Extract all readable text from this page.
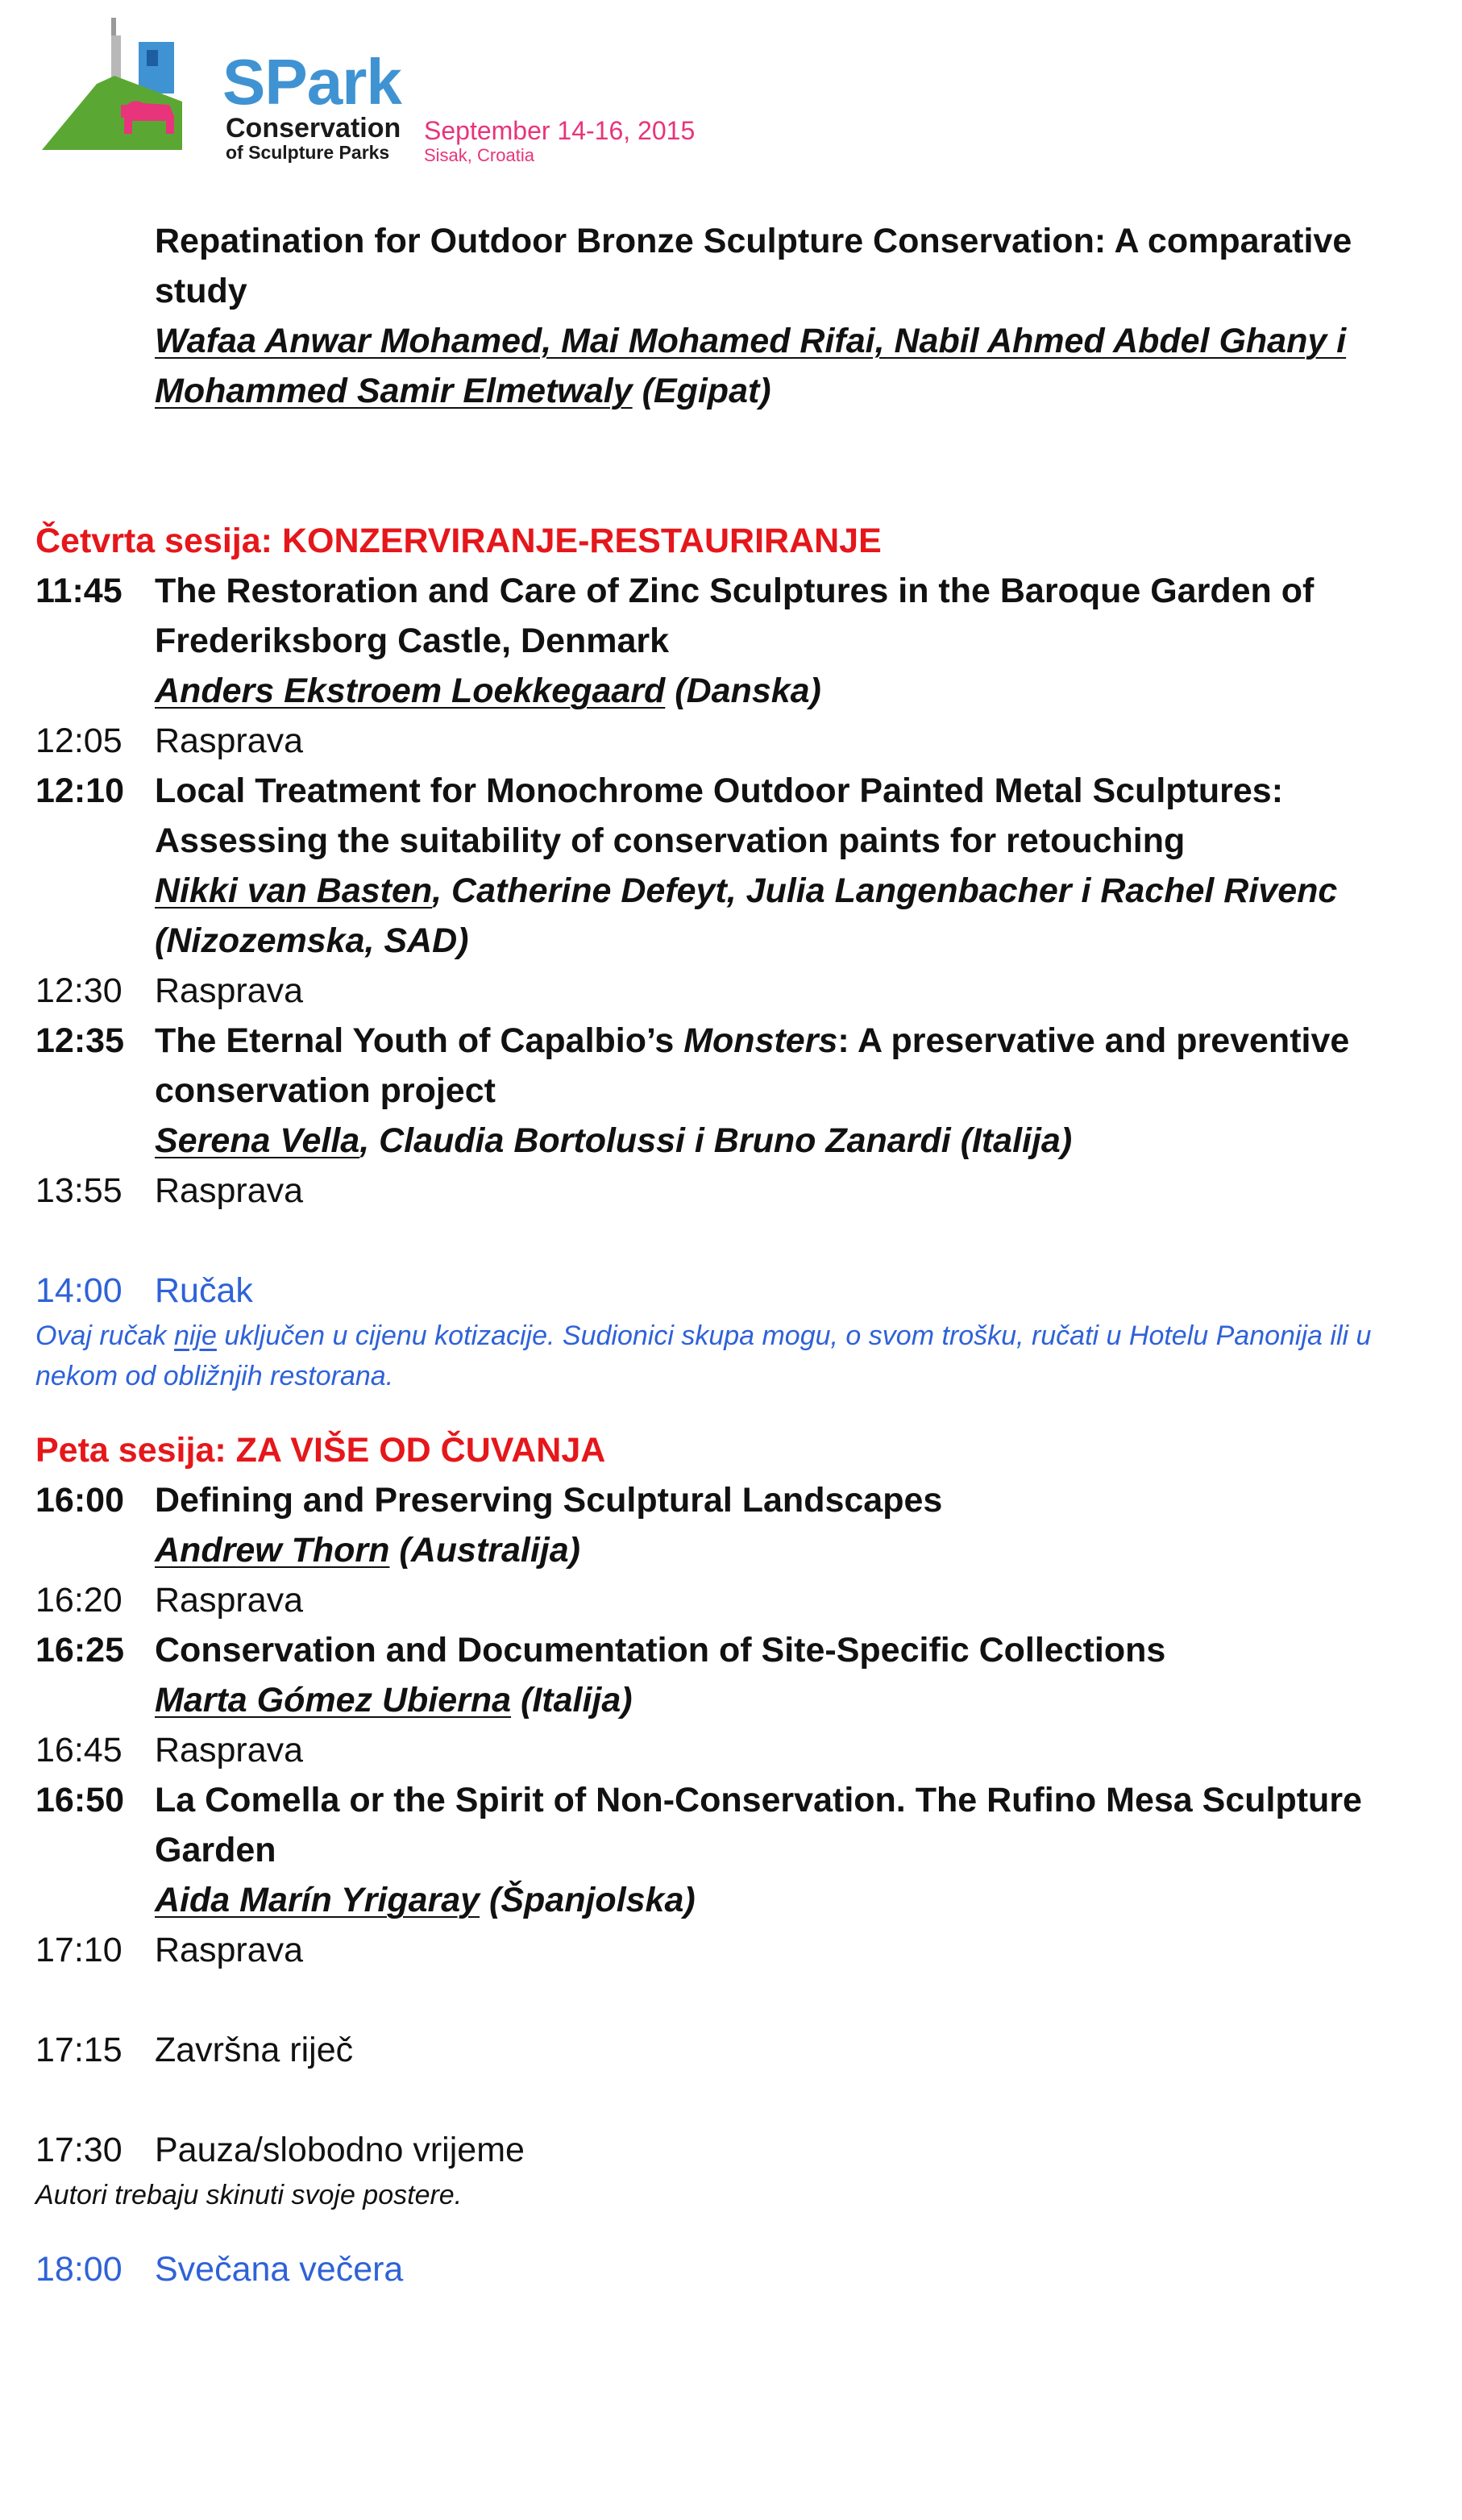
SPark
Conservation
of Sculpture Parks
September 14-16, 2015
Sisak, Croatia
Repatination for Outdoor Bronze Sculpture Conservation: A comparative study
Wafaa Anwar Mohamed, Mai Mohamed Rifai, Nabil Ahmed Abdel Ghany i Mohammed Samir Elmetwaly (Egipat)
Četvrta sesija: KONZERVIRANJE-RESTAURIRANJE
11:45 The Restoration and Care of Zinc Sculptures in the Baroque Garden of Frederiksborg Castle, Denmark
Anders Ekstroem Loekkegaard (Danska)
12:05 Rasprava
12:10 Local Treatment for Monochrome Outdoor Painted Metal Sculptures: Assessing the suitability of conservation paints for retouching
Nikki van Basten, Catherine Defeyt, Julia Langenbacher i Rachel Rivenc (Nizozemska, SAD)
12:30 Rasprava
12:35 The Eternal Youth of Capalbio’s Monsters: A preservative and preventive conservation project
Serena Vella, Claudia Bortolussi i Bruno Zanardi (Italija)
13:55 Rasprava
14:00 Ručak
Ovaj ručak nije uključen u cijenu kotizacije. Sudionici skupa mogu, o svom trošku, ručati u Hotelu Panonija ili u nekom od obližnjih restorana.
Peta sesija: ZA VIŠE OD ČUVANJA
16:00 Defining and Preserving Sculptural Landscapes
Andrew Thorn (Australija)
16:20 Rasprava
16:25 Conservation and Documentation of Site-Specific Collections
Marta Gómez Ubierna (Italija)
16:45 Rasprava
16:50 La Comella or the Spirit of Non-Conservation. The Rufino Mesa Sculpture Garden
Aida Marín Yrigaray (Španjolska)
17:10 Rasprava
17:15 Završna riječ
17:30 Pauza/slobodno vrijeme
Autori trebaju skinuti svoje postere.
18:00 Svečana večera
